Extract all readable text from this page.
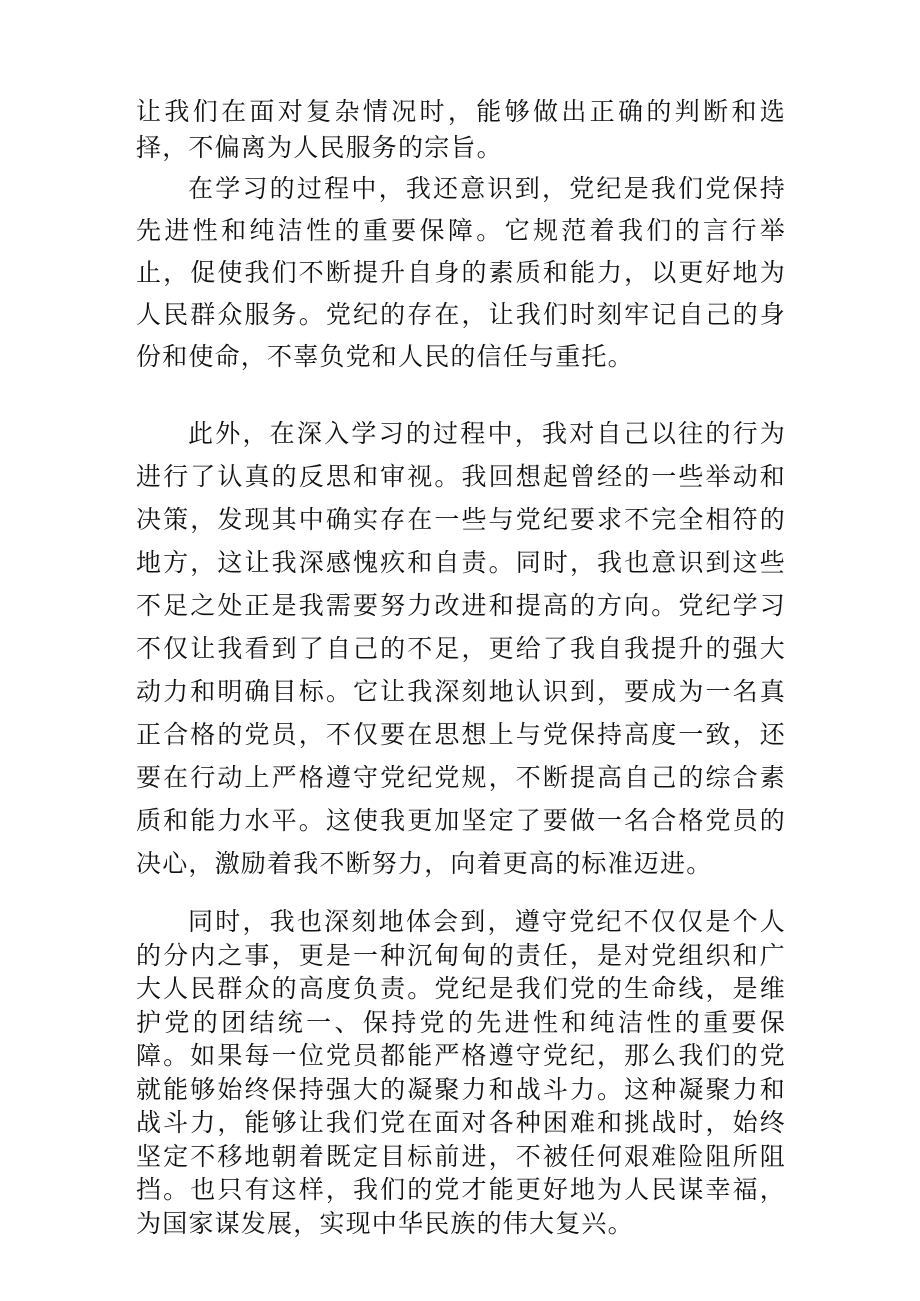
让我们在面对复杂情况时，能够做出正确的判断和选择，不偏离为人民服务的宗旨。

在学习的过程中，我还意识到，党纪是我们党保持先进性和纯洁性的重要保障。它规范着我们的言行举止，促使我们不断提升自身的素质和能力，以更好地为人民群众服务。党纪的存在，让我们时刻牢记自己的身份和使命，不辜负党和人民的信任与重托。

此外，在深入学习的过程中，我对自己以往的行为进行了认真的反思和审视。我回想起曾经的一些举动和决策，发现其中确实存在一些与党纪要求不完全相符的地方，这让我深感愧疚和自责。同时，我也意识到这些不足之处正是我需要努力改进和提高的方向。党纪学习不仅让我看到了自己的不足，更给了我自我提升的强大动力和明确目标。它让我深刻地认识到，要成为一名真正合格的党员，不仅要在思想上与党保持高度一致，还要在行动上严格遵守党纪党规，不断提高自己的综合素质和能力水平。这使我更加坚定了要做一名合格党员的决心，激励着我不断努力，向着更高的标准迈进。

同时，我也深刻地体会到，遵守党纪不仅仅是个人的分内之事，更是一种沉甸甸的责任，是对党组织和广大人民群众的高度负责。党纪是我们党的生命线，是维护党的团结统一、保持党的先进性和纯洁性的重要保障。如果每一位党员都能严格遵守党纪，那么我们的党就能够始终保持强大的凝聚力和战斗力。这种凝聚力和战斗力，能够让我们党在面对各种困难和挑战时，始终坚定不移地朝着既定目标前进，不被任何艰难险阻所阻挡。也只有这样，我们的党才能更好地为人民谋幸福，为国家谋发展，实现中华民族的伟大复兴。
